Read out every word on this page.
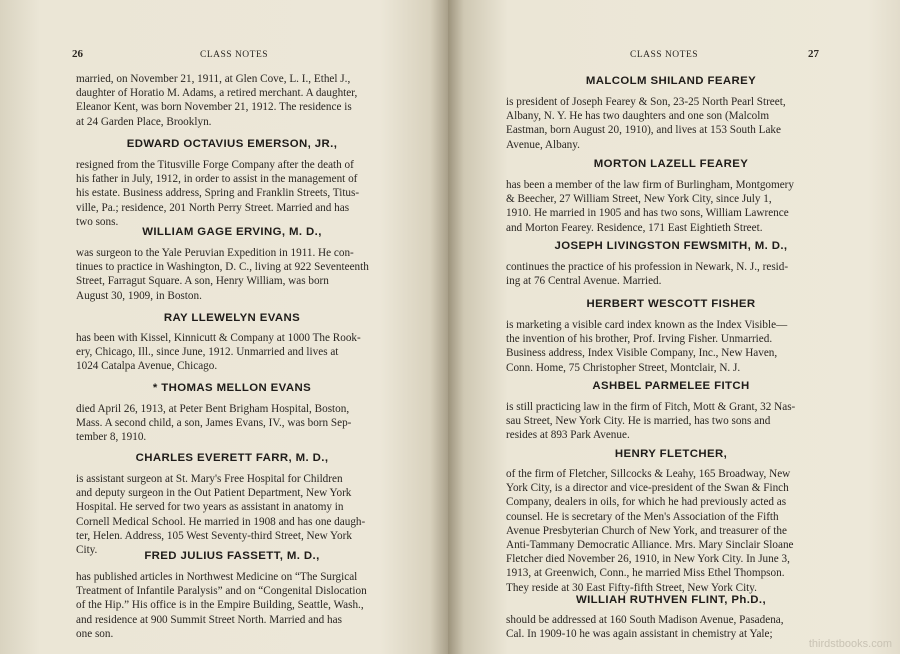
26	CLASS NOTES
married, on November 21, 1911, at Glen Cove, L. I., Ethel J.,
daughter of Horatio M. Adams, a retired merchant. A daughter,
Eleanor Kent, was born November 21, 1912. The residence is
at 24 Garden Place, Brooklyn.
EDWARD OCTAVIUS EMERSON, JR.,
resigned from the Titusville Forge Company after the death of
his father in July, 1912, in order to assist in the management of
his estate. Business address, Spring and Franklin Streets, Titus-
ville, Pa.; residence, 201 North Perry Street. Married and has
two sons.
WILLIAM GAGE ERVING, M. D.,
was surgeon to the Yale Peruvian Expedition in 1911. He con-
tinues to practice in Washington, D. C., living at 922 Seventeenth
Street, Farragut Square. A son, Henry William, was born
August 30, 1909, in Boston.
RAY LLEWELYN EVANS
has been with Kissel, Kinnicutt & Company at 1000 The Rook-
ery, Chicago, Ill., since June, 1912. Unmarried and lives at
1024 Catalpa Avenue, Chicago.
* THOMAS MELLON EVANS
died April 26, 1913, at Peter Bent Brigham Hospital, Boston,
Mass. A second child, a son, James Evans, IV., was born Sep-
tember 8, 1910.
CHARLES EVERETT FARR, M. D.,
is assistant surgeon at St. Mary's Free Hospital for Children
and deputy surgeon in the Out Patient Department, New York
Hospital. He served for two years as assistant in anatomy in
Cornell Medical School. He married in 1908 and has one daugh-
ter, Helen. Address, 105 West Seventy-third Street, New York
City.	FRED JULIUS FASSETT, M. D.,
has published articles in Northwest Medicine on “The Surgical
Treatment of Infantile Paralysis” and on “Congenital Dislocation
of the Hip.” His office is in the Empire Building, Seattle, Wash.,
and residence at 900 Summit Street North. Married and has
one son.
CLASS NOTES	27
MALCOLM SHILAND FEAREY
is president of Joseph Fearey & Son, 23-25 North Pearl Street,
Albany, N. Y. He has two daughters and one son (Malcolm
Eastman, born August 20, 1910), and lives at 153 South Lake
Avenue, Albany.
MORTON LAZELL FEAREY
has been a member of the law firm of Burlingham, Montgomery
& Beecher, 27 William Street, New York City, since July 1,
1910. He married in 1905 and has two sons, William Lawrence
and Morton Fearey. Residence, 171 East Eightieth Street.
JOSEPH LIVINGSTON FEWSMITH, M. D.,
continues the practice of his profession in Newark, N. J., resid-
ing at 76 Central Avenue. Married.
HERBERT WESCOTT FISHER
is marketing a visible card index known as the Index Visible—
the invention of his brother, Prof. Irving Fisher. Unmarried.
Business address, Index Visible Company, Inc., New Haven,
Conn. Home, 75 Christopher Street, Montclair, N. J.
ASHBEL PARMELEE FITCH
is still practicing law in the firm of Fitch, Mott & Grant, 32 Nas-
sau Street, New York City. He is married, has two sons and
resides at 893 Park Avenue.
HENRY FLETCHER,
of the firm of Fletcher, Sillcocks & Leahy, 165 Broadway, New
York City, is a director and vice-president of the Swan & Finch
Company, dealers in oils, for which he had previously acted as
counsel. He is secretary of the Men's Association of the Fifth
Avenue Presbyterian Church of New York, and treasurer of the
Anti-Tammany Democratic Alliance. Mrs. Mary Sinclair Sloane
Fletcher died November 26, 1910, in New York City. In June 3,
1913, at Greenwich, Conn., he married Miss Ethel Thompson.
They reside at 30 East Fifty-fifth Street, New York City.
WILLIAH RUTHVEN FLINT, Ph.D.,
should be addressed at 160 South Madison Avenue, Pasadena,
Cal. In 1909-10 he was again assistant in chemistry at Yale;
thirdstbooks.com
